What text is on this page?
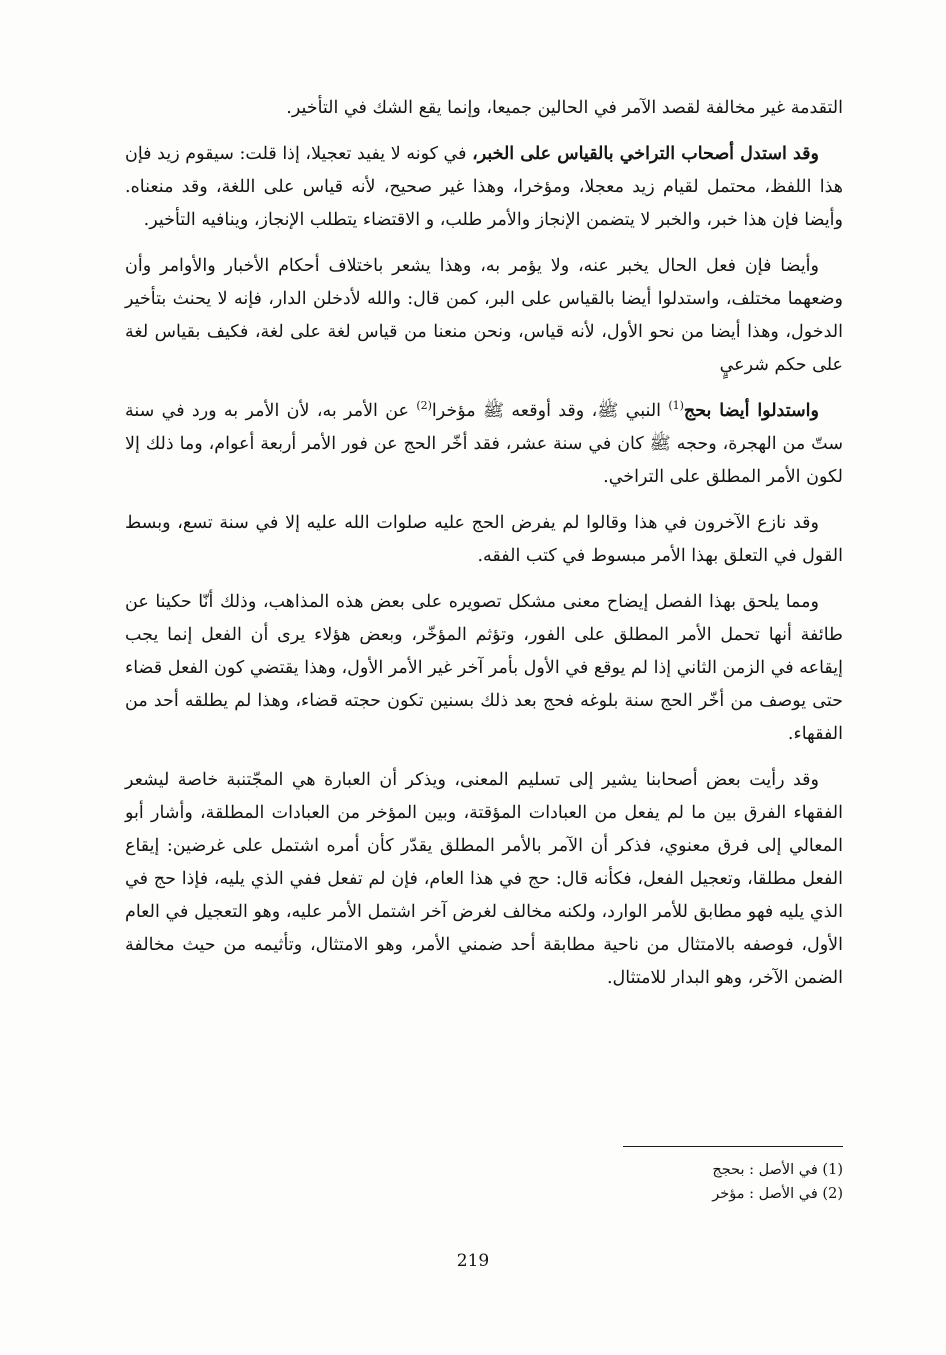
التقدمة غير مخالفة لقصد الآمر في الحالين جميعا، وإنما يقع الشك في التأخير.

وقد استدل أصحاب التراخي بالقياس على الخبر، في كونه لا يفيد تعجيلا، إذا قلت: سيقوم زيد فإن هذا اللفظ، محتمل لقيام زيد معجلا، ومؤخرا، وهذا غير صحيح، لأنه قياس على اللغة، وقد منعناه. وأيضا فإن هذا خبر، والخبر لا يتضمن الإنجاز والأمر طلب، و الاقتضاء يتطلب الإنجاز، وينافيه التأخير.

وأيضا فإن فعل الحال يخبر عنه، ولا يؤمر به، وهذا يشعر باختلاف أحكام الأخبار والأوامر وأن وضعهما مختلف، واستدلوا أيضا بالقياس على البر، كمن قال: والله لأدخلن الدار، فإنه لا يحنث بتأخير الدخول، وهذا أيضا من نحو الأول، لأنه قياس، ونحن منعنا من قياس لغة على لغة، فكيف بقياس لغة على حكم شرعيٍ

واستدلوا أيضا بحج$^{(1)}$ النبي ﷺ، وقد أوقعه ﷺ مؤخرا$^{(2)}$ عن الأمر به، لأن الأمر به ورد في سنة ستّ من الهجرة، وحجه ﷺ كان في سنة عشر، فقد أخّر الحج عن فور الأمر أربعة أعوام، وما ذلك إلا لكون الأمر المطلق على التراخي.

وقد نازع الآخرون في هذا وقالوا لم يفرض الحج عليه صلوات الله عليه إلا في سنة تسع، وبسط القول في التعلق بهذا الأمر مبسوط في كتب الفقه.

ومما يلحق بهذا الفصل إيضاح معنى مشكل تصويره على بعض هذه المذاهب، وذلك أنّا حكينا عن طائفة أنها تحمل الأمر المطلق على الفور، وتؤثم المؤخّر، وبعض هؤلاء يرى أن الفعل إنما يجب إيقاعه في الزمن الثاني إذا لم يوقع في الأول بأمر آخر غير الأمر الأول، وهذا يقتضي كون الفعل قضاء حتى يوصف من أخّر الحج سنة بلوغه فحج بعد ذلك بسنين تكون حجته قضاء، وهذا لم يطلقه أحد من الفقهاء.

وقد رأيت بعض أصحابنا يشير إلى تسليم المعنى، ويذكر أن العبارة هي المجّتنبة خاصة ليشعر الفقهاء الفرق بين ما لم يفعل من العبادات المؤقتة، وبين المؤخر من العبادات المطلقة، وأشار أبو المعالي إلى فرق معنوي، فذكر أن الآمر بالأمر المطلق يقدّر كأن أمره اشتمل على غرضين: إيقاع الفعل مطلقا، وتعجيل الفعل، فكأنه قال: حج في هذا العام، فإن لم تفعل ففي الذي يليه، فإذا حج في الذي يليه فهو مطابق للأمر الوارد، ولكنه مخالف لغرض آخر اشتمل الأمر عليه، وهو التعجيل في العام الأول، فوصفه بالامتثال من ناحية مطابقة أحد ضمني الأمر، وهو الامتثال، وتأثيمه من حيث مخالفة الضمن الآخر، وهو البدار للامتثال.

(1) في الأصل : بحجج
(2) في الأصل : مؤخر
219
